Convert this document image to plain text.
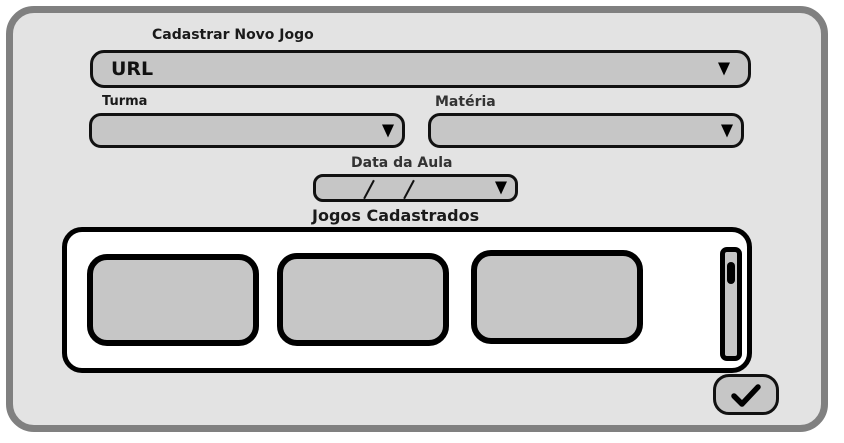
Cadastrar Novo Jogo
URL
Turma	Matéria
Data da Aula
Jogos Cadastrados
